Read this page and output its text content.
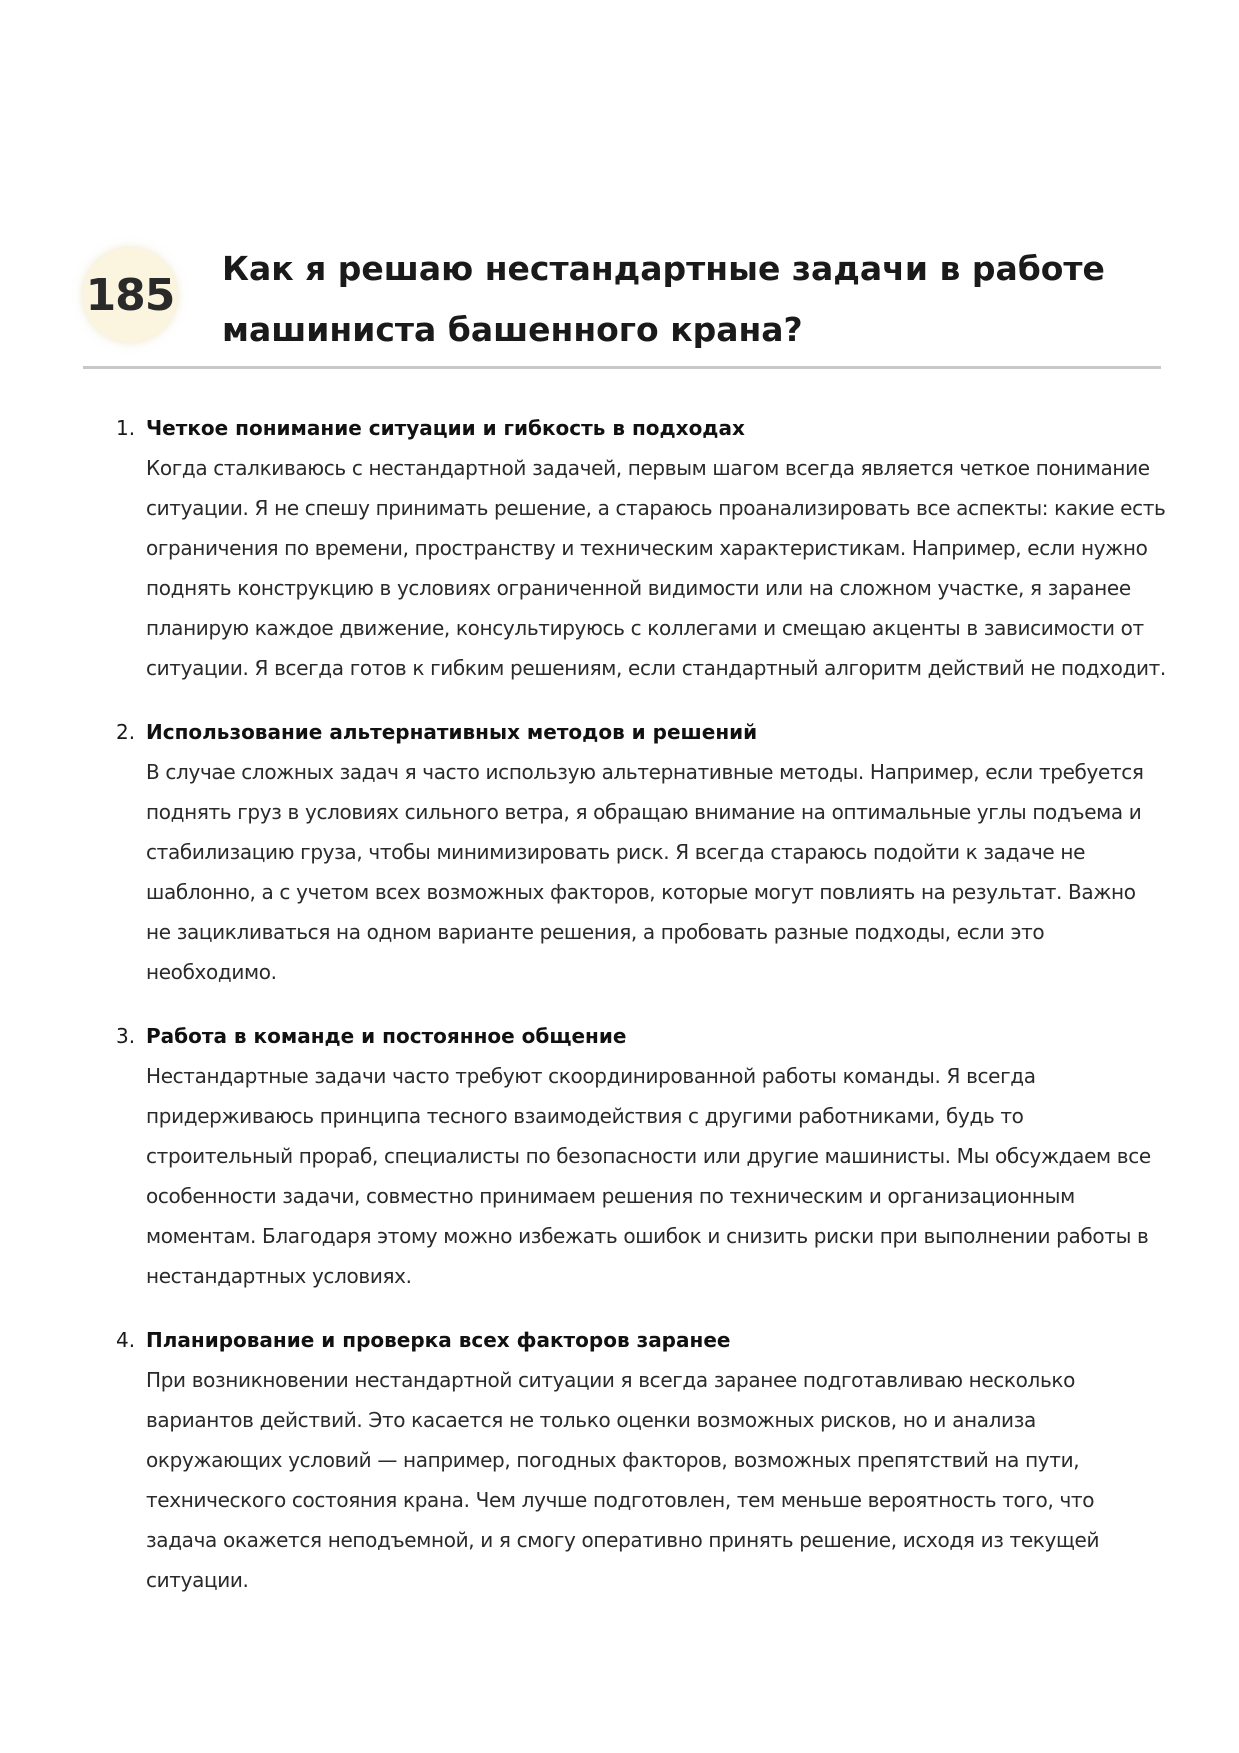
185
Как я решаю нестандартные задачи в работе машиниста башенного крана?
1. Четкое понимание ситуации и гибкость в подходах

Когда сталкиваюсь с нестандартной задачей, первым шагом всегда является четкое понимание ситуации. Я не спешу принимать решение, а стараюсь проанализировать все аспекты: какие есть ограничения по времени, пространству и техническим характеристикам. Например, если нужно поднять конструкцию в условиях ограниченной видимости или на сложном участке, я заранее планирую каждое движение, консультируюсь с коллегами и смещаю акценты в зависимости от ситуации. Я всегда готов к гибким решениям, если стандартный алгоритм действий не подходит.

2. Использование альтернативных методов и решений

В случае сложных задач я часто использую альтернативные методы. Например, если требуется поднять груз в условиях сильного ветра, я обращаю внимание на оптимальные углы подъема и стабилизацию груза, чтобы минимизировать риск. Я всегда стараюсь подойти к задаче не шаблонно, а с учетом всех возможных факторов, которые могут повлиять на результат. Важно не зацикливаться на одном варианте решения, а пробовать разные подходы, если это необходимо.

3. Работа в команде и постоянное общение

Нестандартные задачи часто требуют скоординированной работы команды. Я всегда придерживаюсь принципа тесного взаимодействия с другими работниками, будь то строительный прораб, специалисты по безопасности или другие машинисты. Мы обсуждаем все особенности задачи, совместно принимаем решения по техническим и организационным моментам. Благодаря этому можно избежать ошибок и снизить риски при выполнении работы в нестандартных условиях.

4. Планирование и проверка всех факторов заранее

При возникновении нестандартной ситуации я всегда заранее подготавливаю несколько вариантов действий. Это касается не только оценки возможных рисков, но и анализа окружающих условий — например, погодных факторов, возможных препятствий на пути, технического состояния крана. Чем лучше подготовлен, тем меньше вероятность того, что задача окажется неподъемной, и я смогу оперативно принять решение, исходя из текущей ситуации.
